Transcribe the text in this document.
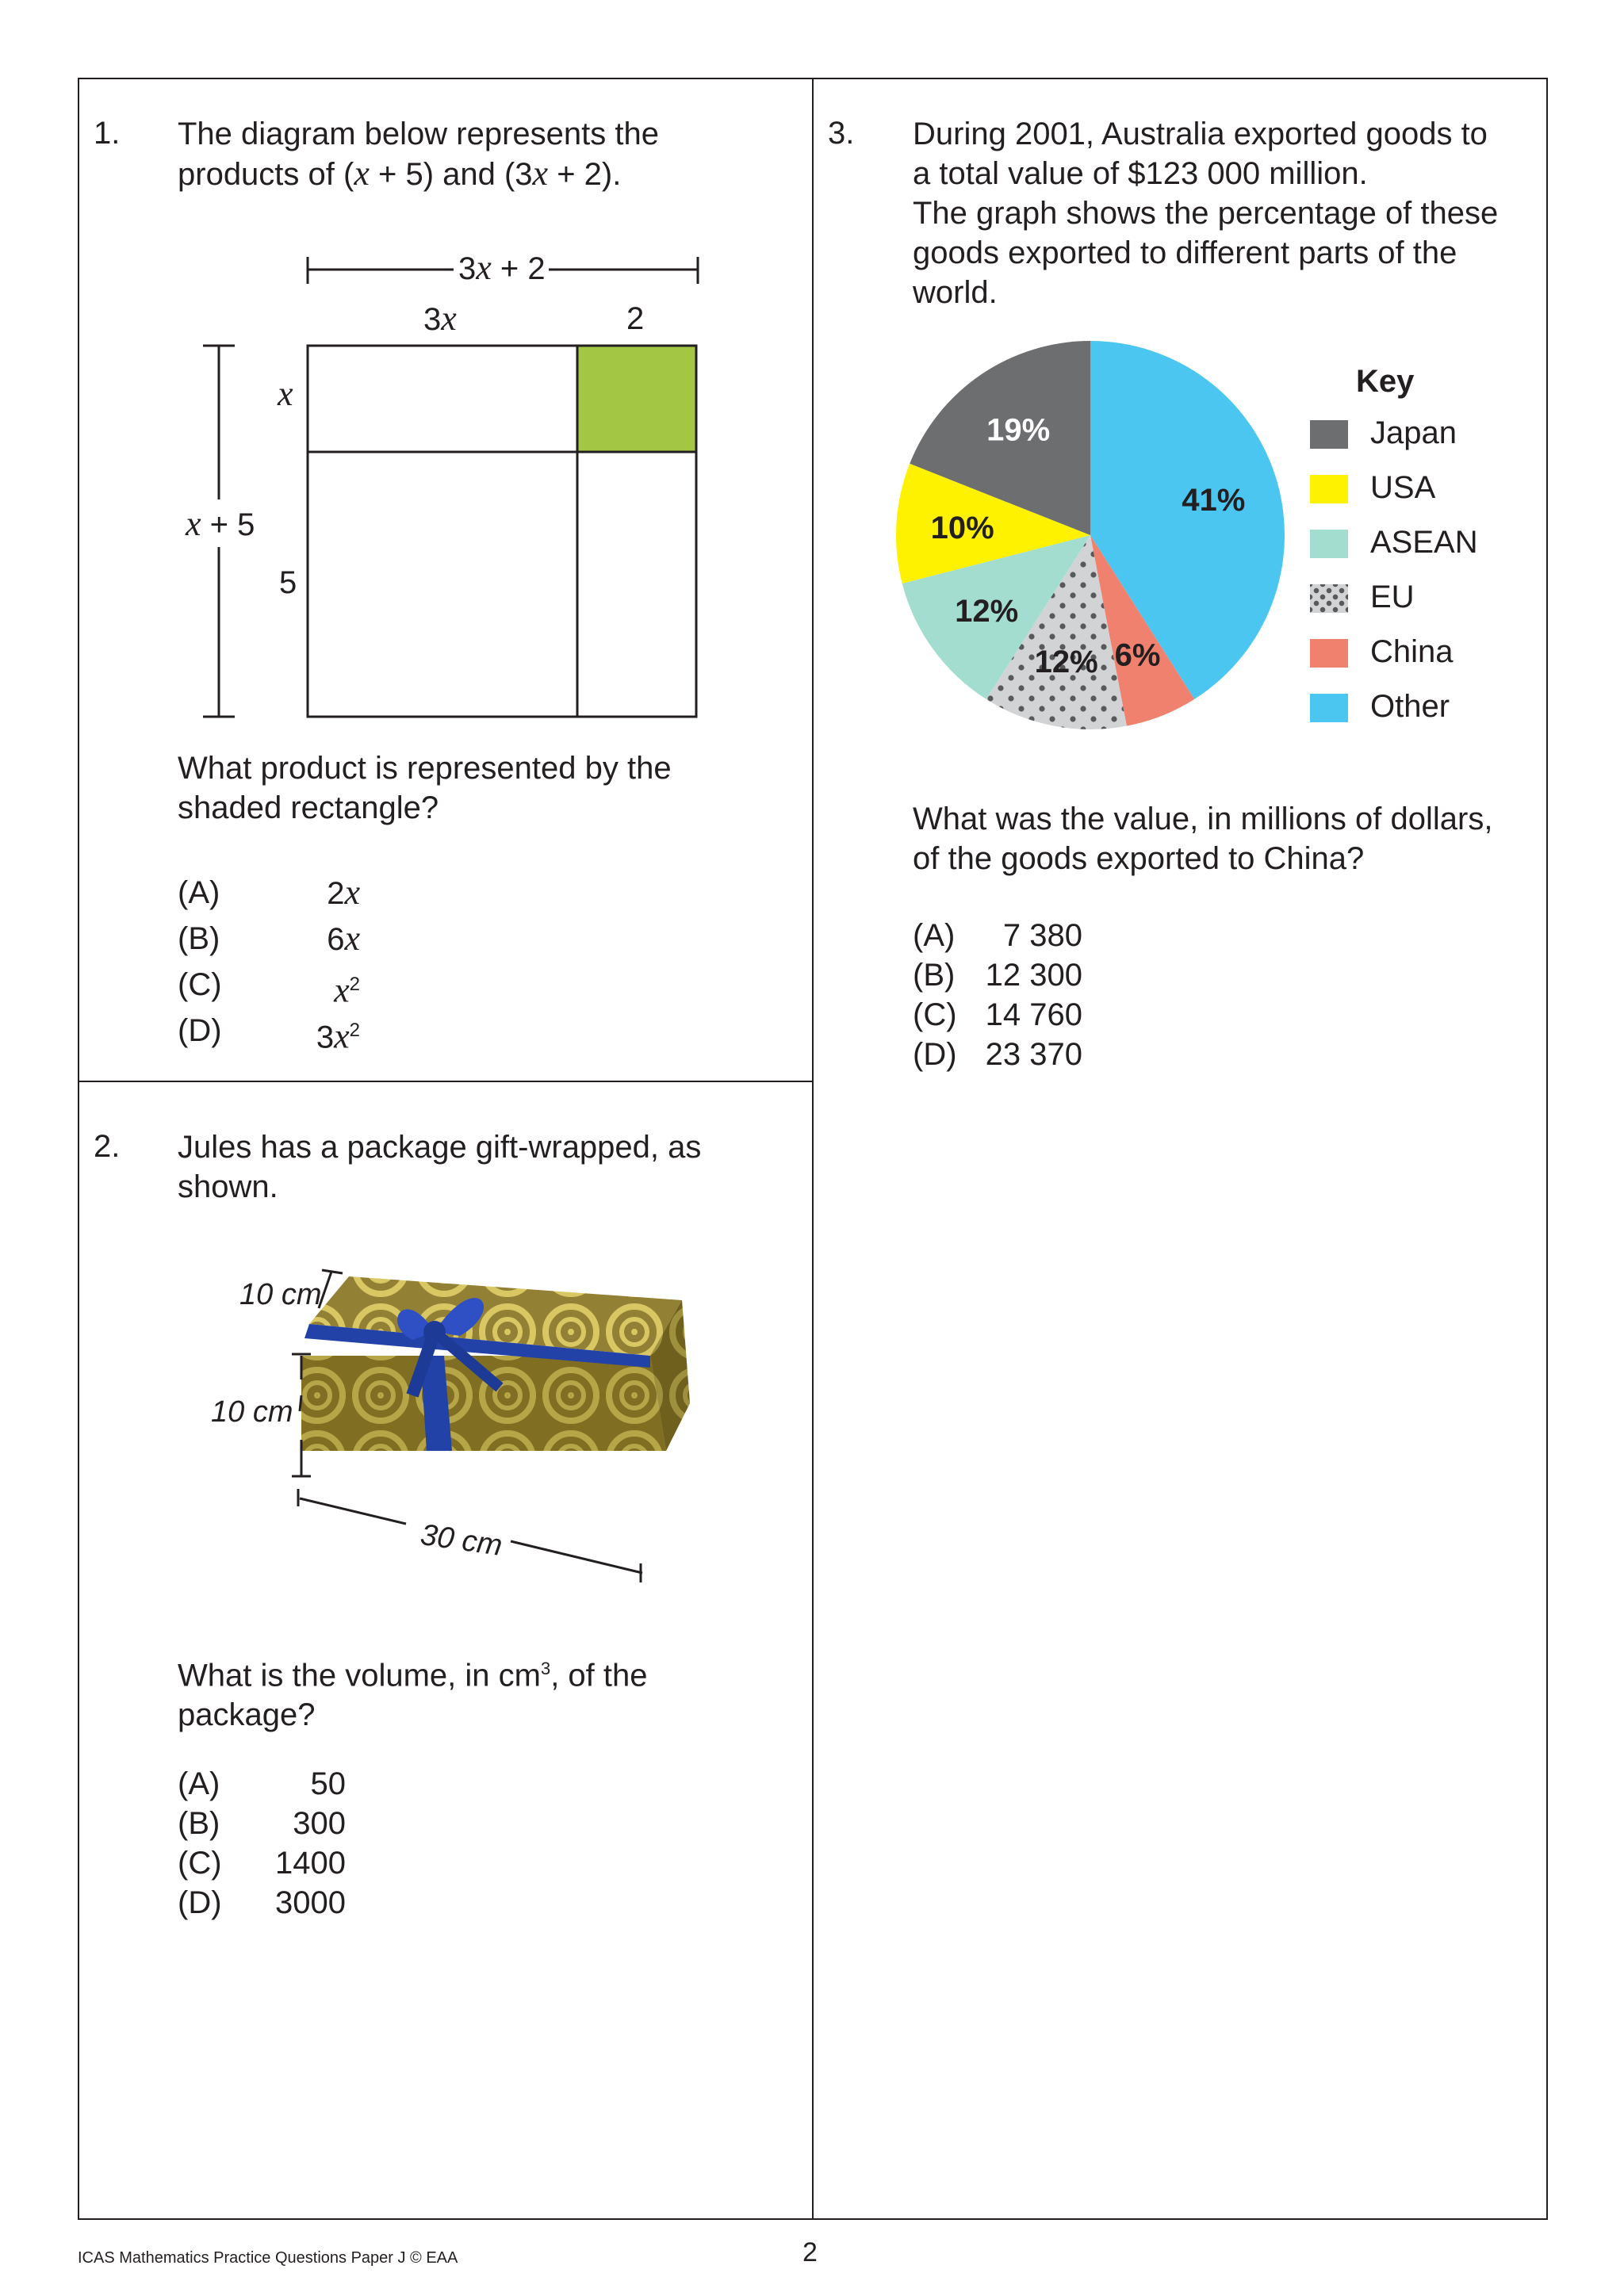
1. The diagram below represents the
products of (x + 5) and (3x + 2).
3x + 2
3x	2
x
5
x + 5
What product is represented by the
shaded rectangle?
(A)	2x
(B)	6x
(C)	$x^2$
(D)	$3x^2$
2. Jules has a package gift-wrapped, as
shown.
10 cm
10 cm
30 cm
What is the volume, in $cm^3$, of the
package?
(A)	50
(B) 300
(C) 1400
(D) 3000
3. During 2001, Australia exported goods to
a total value of $123 000 million.
The graph shows the percentage of these
goods exported to different parts of the
world.
41%
6%
12%
12%
10%
19%
Key
Japan
USA
ASEAN
EU
China
Other
What was the value, in millions of dollars,
of the goods exported to China?
(A) 7 380
(B) 12 300
(C) 14 760
(D) 23 370
ICAS Mathematics Practice Questions Paper J © EAA	2
